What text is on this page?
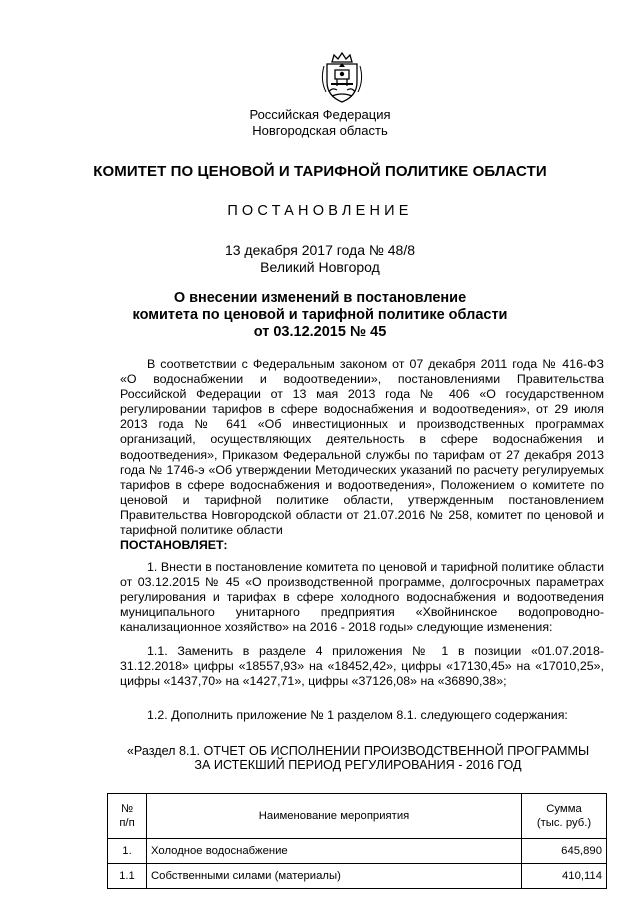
Российская Федерация
Новгородская область
КОМИТЕТ ПО ЦЕНОВОЙ И ТАРИФНОЙ ПОЛИТИКЕ ОБЛАСТИ
ПОСТАНОВЛЕНИЕ
13 декабря 2017 года № 48/8
Великий Новгород
О внесении изменений в постановление
комитета по ценовой и тарифной политике области
от 03.12.2015 № 45

В соответствии с Федеральным законом от 07 декабря 2011 года № 416-ФЗ «О водоснабжении и водоотведении», постановлениями Правительства Российской Федерации от 13 мая 2013 года № 406 «О государственном регулировании тарифов в сфере водоснабжения и водоотведения», от 29 июля 2013 года № 641 «Об инвестиционных и производственных программах организаций, осуществляющих деятельность в сфере водоснабжения и водоотведения», Приказом Федеральной службы по тарифам от 27 декабря 2013 года № 1746-э «Об утверждении Методических указаний по расчету регулируемых тарифов в сфере водоснабжения и водоотведения», Положением о комитете по ценовой и тарифной политике области, утвержденным постановлением Правительства Новгородской области от 21.07.2016 № 258, комитет по ценовой и тарифной политике области

ПОСТАНОВЛЯЕТ:

1. Внести в постановление комитета по ценовой и тарифной политике области от 03.12.2015 № 45 «О производственной программе, долгосрочных параметрах регулирования и тарифах в сфере холодного водоснабжения и водоотведения муниципального унитарного предприятия «Хвойнинское водопроводно-канализационное хозяйство» на 2016 - 2018 годы» следующие изменения:

1.1. Заменить в разделе 4 приложения № 1 в позиции «01.07.2018-31.12.2018» цифры «18557,93» на «18452,42», цифры «17130,45» на «17010,25», цифры «1437,70» на «1427,71», цифры «37126,08» на «36890,38»;

1.2. Дополнить приложение № 1 разделом 8.1. следующего содержания:

«Раздел 8.1. ОТЧЕТ ОБ ИСПОЛНЕНИИ ПРОИЗВОДСТВЕННОЙ ПРОГРАММЫ
ЗА ИСТЕКШИЙ ПЕРИОД РЕГУЛИРОВАНИЯ - 2016 ГОД
№
п/п	Наименование мероприятия	Сумма
(тыс. руб.)
1.	Холодное водоснабжение	645,890
1.1	Собственными силами (материалы)	410,114
